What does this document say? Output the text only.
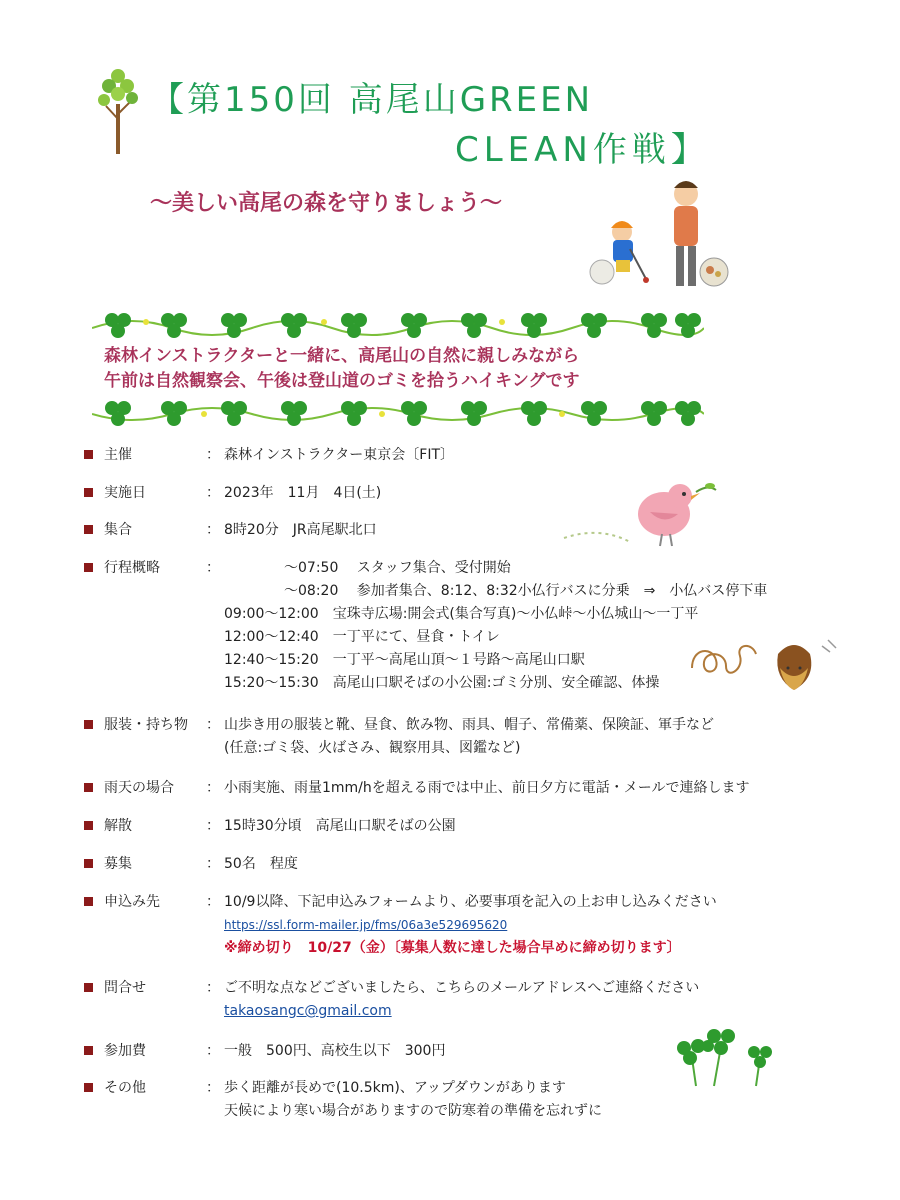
【第150回 高尾山GREEN
CLEAN作戦】
～美しい高尾の森を守りましょう～
森林インストラクターと一緒に、高尾山の自然に親しみながら
午前は自然観察会、午後は登山道のゴミを拾うハイキングです
主催	： 森林インストラクター東京会〔FIT〕
実施日	： 2023年　11月　4日(土)
集合	： 8時20分　JR高尾駅北口
行程概略	：	　　～07:50　 スタッフ集合、受付開始
　　～08:20　 参加者集合、8:12、8:32小仏行バスに分乗　⇒　小仏バス停下車
09:00～12:00　宝珠寺広場:開会式(集合写真)～小仏峠～小仏城山～一丁平
12:00～12:40　一丁平にて、昼食・トイレ
12:40～15:20　一丁平～高尾山頂～１号路～高尾山口駅
15:20～15:30　高尾山口駅そばの小公園:ゴミ分別、安全確認、体操
服装・持ち物 ： 山歩き用の服装と靴、昼食、飲み物、雨具、帽子、常備薬、保険証、軍手など
(任意:ゴミ袋、火ばさみ、観察用具、図鑑など)
雨天の場合 ： 小雨実施、雨量1mm/hを超える雨では中止、前日夕方に電話・メールで連絡します
解散	： 15時30分頃　高尾山口駅そばの公園
募集	： 50名　程度
申込み先	： 10/9以降、下記申込みフォームより、必要事項を記入の上お申し込みください
https://ssl.form-mailer.jp/fms/06a3e529695620
※締め切り　10/27（金）〔募集人数に達した場合早めに締め切ります〕
問合せ	： ご不明な点などございましたら、こちらのメールアドレスへご連絡ください
takaosangc@gmail.com
参加費	： 一般　500円、高校生以下　300円
その他	： 歩く距離が長めで(10.5km)、アップダウンがあります
天候により寒い場合がありますので防寒着の準備を忘れずに
